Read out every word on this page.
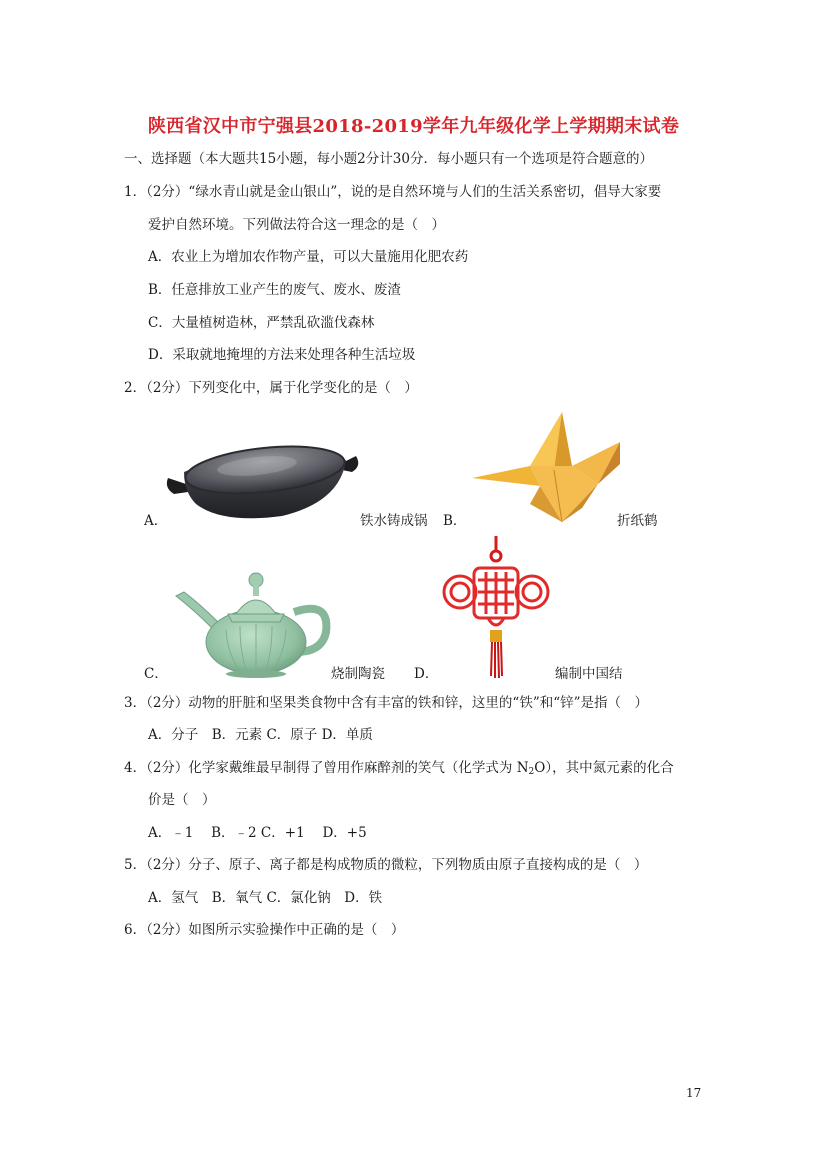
陕西省汉中市宁强县2018-2019学年九年级化学上学期期末试卷
一、选择题（本大题共15小题，每小题2分计30分．每小题只有一个选项是符合题意的）
1．（2分）“绿水青山就是金山银山”，说的是自然环境与人们的生活关系密切，倡导大家要
爱护自然环境。下列做法符合这一理念的是（　）
A．农业上为增加农作物产量，可以大量施用化肥农药
B．任意排放工业产生的废气、废水、废渣
C．大量植树造林，严禁乱砍滥伐森林
D．采取就地掩埋的方法来处理各种生活垃圾
2．（2分）下列变化中，属于化学变化的是（　）
A．	铁水铸成锅 B．	折纸鹤
C．	烧制陶瓷 D．	编制中国结
3．（2分）动物的肝脏和坚果类食物中含有丰富的铁和锌，这里的“铁”和“锌”是指（　）
A．分子　B．元素 C．原子 D．单质
4．（2分）化学家戴维最早制得了曾用作麻醉剂的笑气（化学式为 $N_2O$），其中氮元素的化合
价是（　）
A．﹣1　 B．﹣2 C．+1　 D．+5
5．（2分）分子、原子、离子都是构成物质的微粒，下列物质由原子直接构成的是（　）
A．氢气　B．氧气 C．氯化钠　D．铁
6．（2分）如图所示实验操作中正确的是（　）
17
